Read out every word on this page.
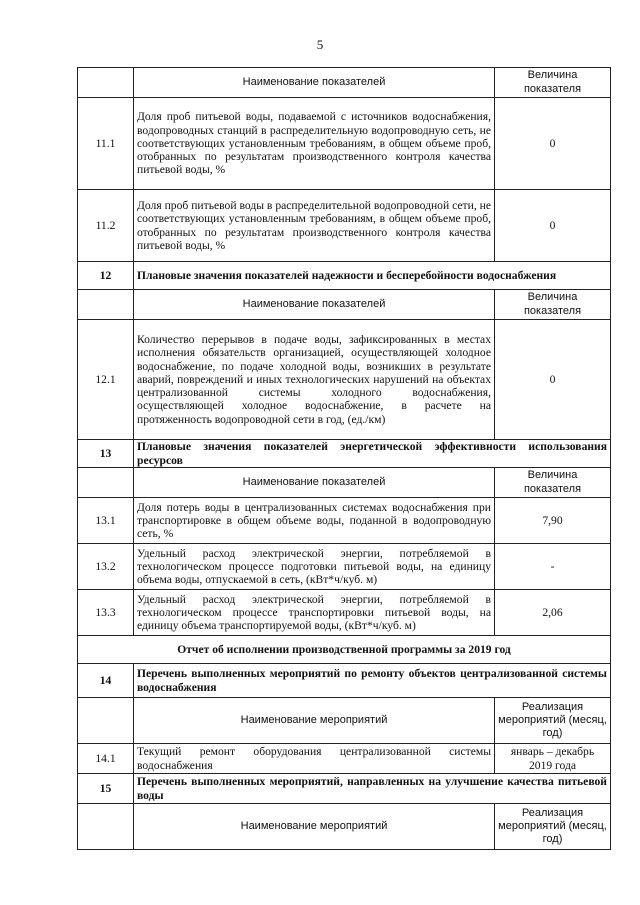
5
	Наименование показателей	Величина показателя
11.1	Доля проб питьевой воды, подаваемой с источников водоснабжения, водопроводных станций в распределительную водопроводную сеть, не соответствующих установленным требованиям, в общем объеме проб, отобранных по результатам производственного контроля качества питьевой воды, %	0
11.2	Доля проб питьевой воды в распределительной водопроводной сети, не соответствующих установленным требованиям, в общем объеме проб, отобранных по результатам производственного контроля качества питьевой воды, %	0
12	Плановые значения показателей надежности и бесперебойности водоснабжения	
	Наименование показателей	Величина показателя
12.1	Количество перерывов в подаче воды, зафиксированных в местах исполнения обязательств организацией, осуществляющей холодное водоснабжение, по подаче холодной воды, возникших в результате аварий, повреждений и иных технологических нарушений на объектах централизованной системы холодного водоснабжения, осуществляющей холодное водоснабжение, в расчете на протяженность водопроводной сети в год, (ед./км)	0
13	Плановые значения показателей энергетической эффективности использования ресурсов	
	Наименование показателей	Величина показателя
13.1	Доля потерь воды в централизованных системах водоснабжения при транспортировке в общем объеме воды, поданной в водопроводную сеть, %	7,90
13.2	Удельный расход электрической энергии, потребляемой в технологическом процессе подготовки питьевой воды, на единицу объема воды, отпускаемой в сеть, (кВт*ч/куб. м)	-
13.3	Удельный расход электрической энергии, потребляемой в технологическом процессе транспортировки питьевой воды, на единицу объема транспортируемой воды, (кВт*ч/куб. м)	2,06
Отчет об исполнении производственной программы за 2019 год		
14	Перечень выполненных мероприятий по ремонту объектов централизованной системы водоснабжения	
	Наименование мероприятий	Реализация мероприятий (месяц, год)
14.1	Текущий ремонт оборудования централизованной системы водоснабжения	январь – декабрь 2019 года
15	Перечень выполненных мероприятий, направленных на улучшение качества питьевой воды	
	Наименование мероприятий	Реализация мероприятий (месяц, год)
